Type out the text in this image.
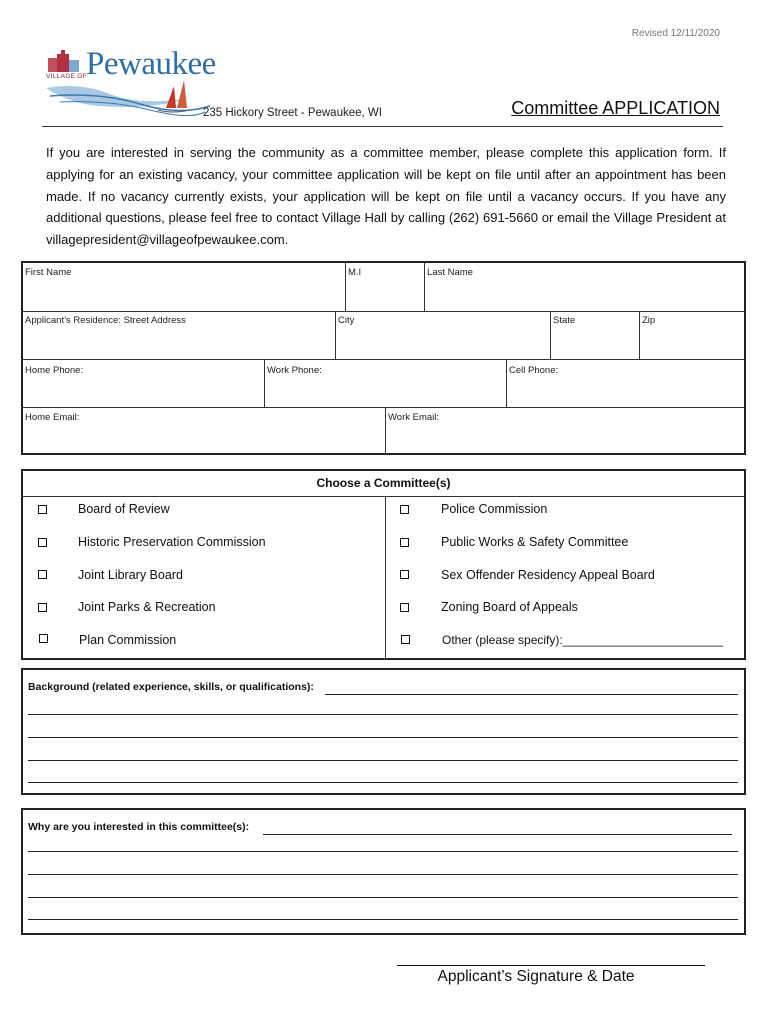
Revised 12/11/2020
Pewaukee
VILLAGE OF
235 Hickory Street - Pewaukee, WI	Committee APPLICATION
If you are interested in serving the community as a committee member, please complete this application form. If applying for an existing vacancy, your committee application will be kept on file until after an appointment has been made. If no vacancy currently exists, your application will be kept on file until a vacancy occurs. If you have any additional questions, please feel free to contact Village Hall by calling (262) 691-5660 or email the Village President at villagepresident@villageofpewaukee.com.
First Name	M.I	Last Name
Applicant’s Residence: Street Address	City	State	Zip
Home Phone:	Work Phone:	Cell Phone:
Home Email:	Work Email:
Choose a Committee(s)
Board of Review
Historic Preservation Commission
Joint Library Board
Joint Parks & Recreation
Plan Commission
Police Commission
Public Works & Safety Committee
Sex Offender Residency Appeal Board
Zoning Board of Appeals
Other (please specify):________________________
Background (related experience, skills, or qualifications):
Why are you interested in this committee(s):
Applicant’s Signature & Date
